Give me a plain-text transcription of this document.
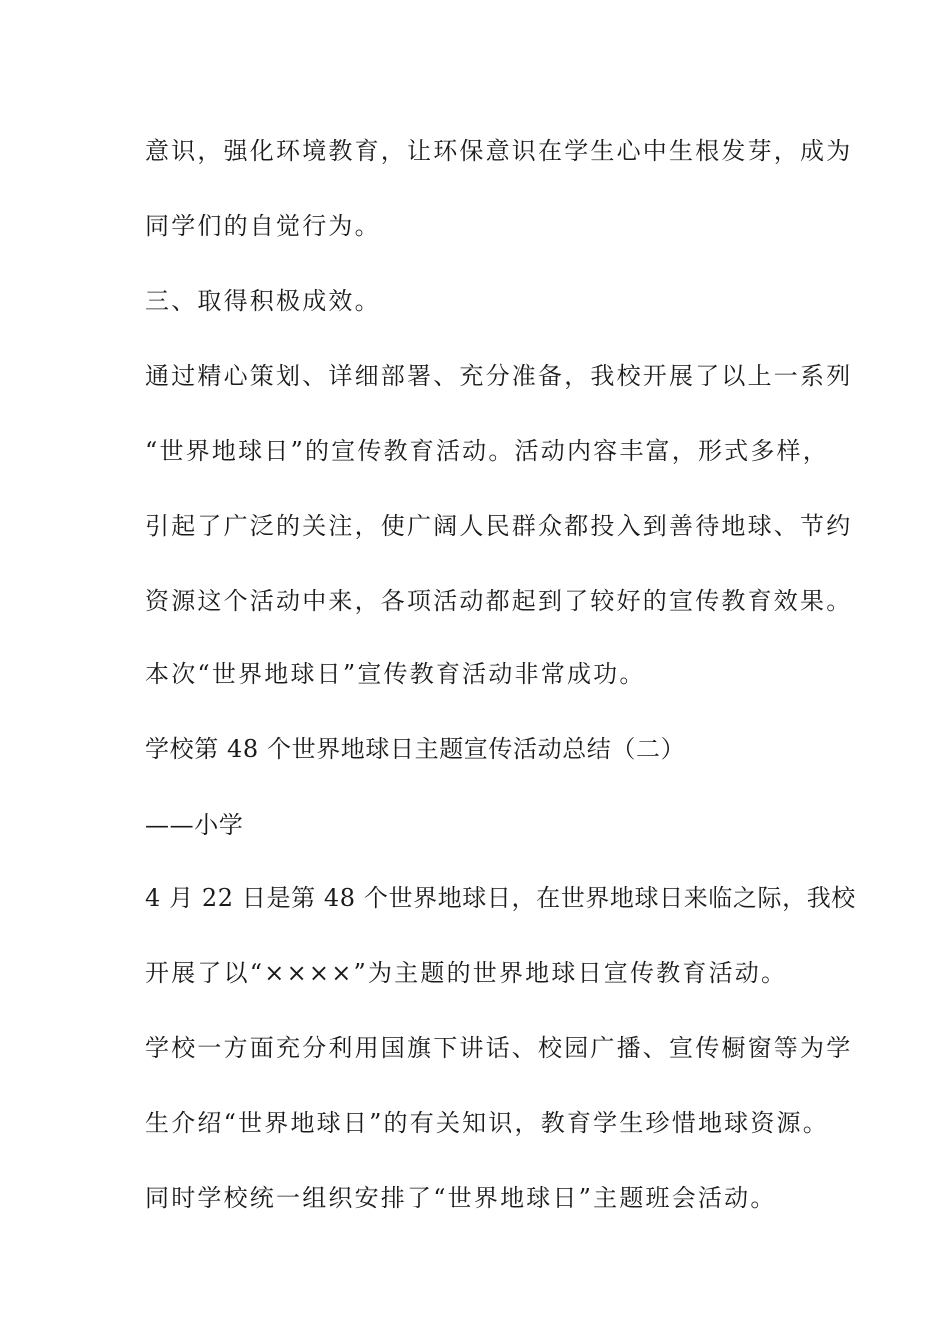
意识，强化环境教育，让环保意识在学生心中生根发芽，成为
同学们的自觉行为。
三、取得积极成效。
通过精心策划、详细部署、充分准备，我校开展了以上一系列
“世界地球日”的宣传教育活动。活动内容丰富，形式多样，
引起了广泛的关注，使广阔人民群众都投入到善待地球、节约
资源这个活动中来，各项活动都起到了较好的宣传教育效果。
本次“世界地球日”宣传教育活动非常成功。
学校第 48 个世界地球日主题宣传活动总结（二）
——小学
4 月 22 日是第 48 个世界地球日，在世界地球日来临之际，我校
开展了以“××××”为主题的世界地球日宣传教育活动。
学校一方面充分利用国旗下讲话、校园广播、宣传橱窗等为学
生介绍“世界地球日”的有关知识，教育学生珍惜地球资源。
同时学校统一组织安排了“世界地球日”主题班会活动。
